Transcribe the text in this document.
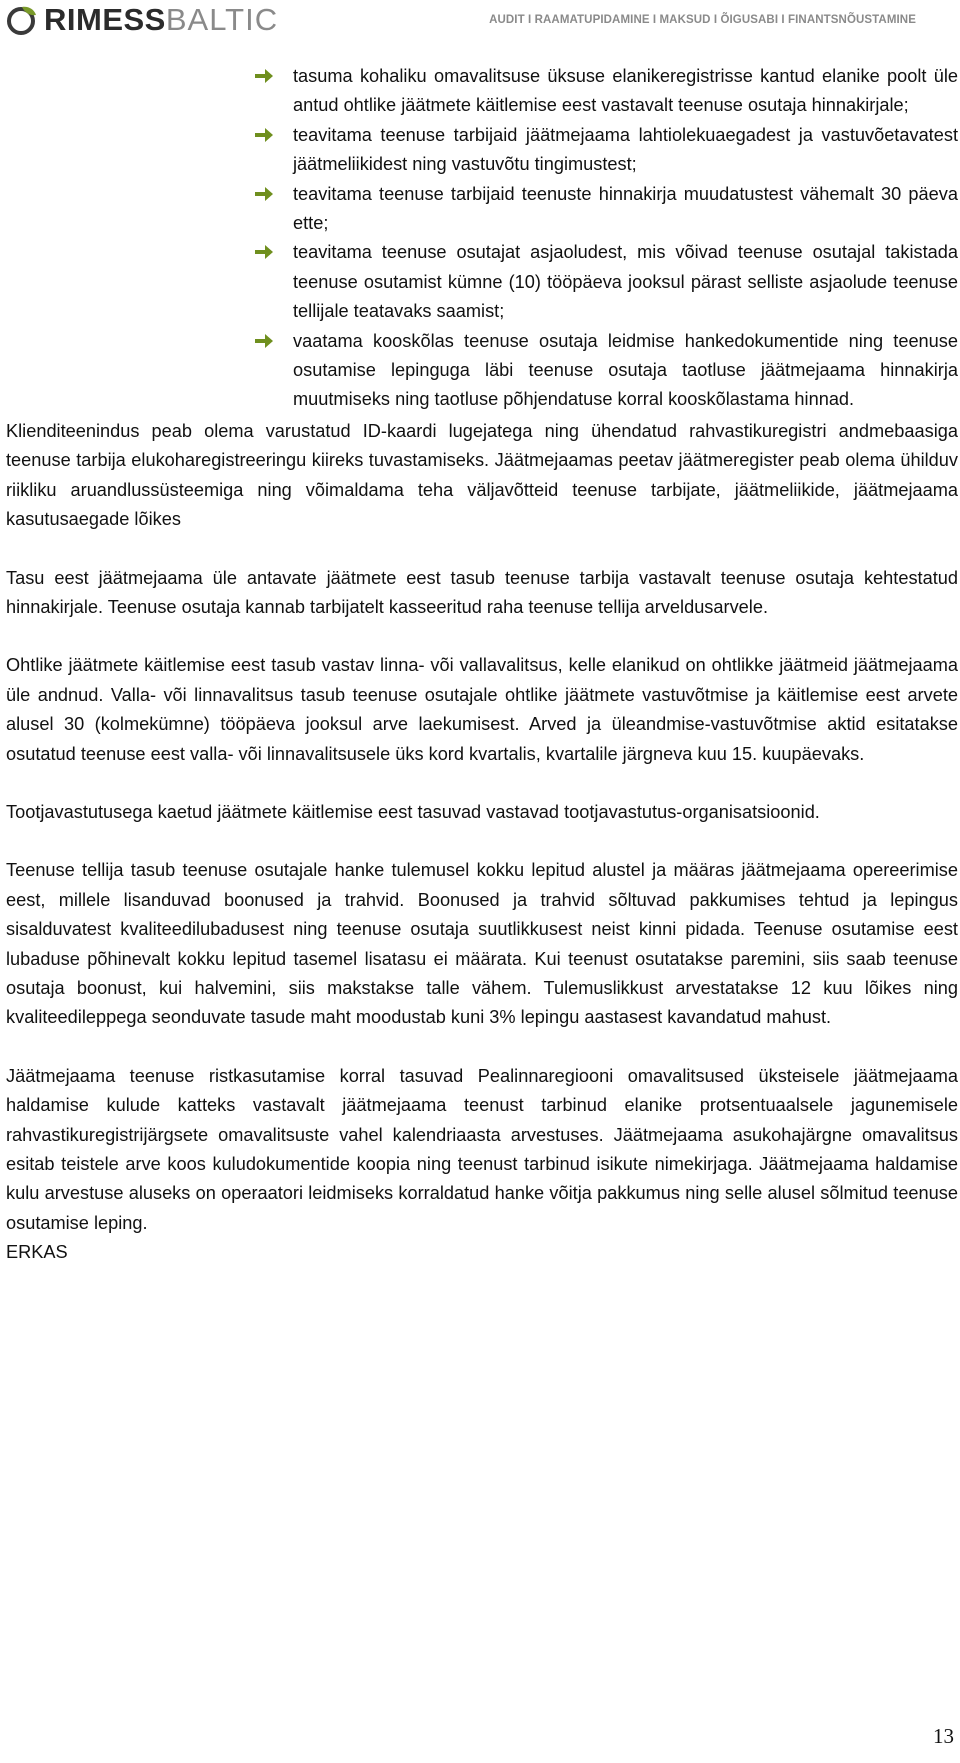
RIMESS BALTIC	AUDIT I RAAMATUPIDAMINE I MAKSUD I ÕIGUSABI I FINANTSNÕUSTAMINE
tasuma kohaliku omavalitsuse üksuse elanikeregistrisse kantud elanike poolt üle antud ohtlike jäätmete käitlemise eest vastavalt teenuse osutaja hinnakirjale;
teavitama teenuse tarbijaid jäätmejaama lahtiolekuaegadest ja vastuvõetavatest jäätmeliikidest ning vastuvõtu tingimustest;
teavitama teenuse tarbijaid teenuste hinnakirja muudatustest vähemalt 30 päeva ette;
teavitama teenuse osutajat asjaoludest, mis võivad teenuse osutajal takistada teenuse osutamist kümne (10) tööpäeva jooksul pärast selliste asjaolude teenuse tellijale teatavaks saamist;
vaatama kooskõlas teenuse osutaja leidmise hankedokumentide ning teenuse osutamise lepinguga läbi teenuse osutaja taotluse jäätmejaama hinnakirja muutmiseks ning taotluse põhjendatuse korral kooskõlastama hinnad.

Klienditeenindus peab olema varustatud ID-kaardi lugejatega ning ühendatud rahvastikuregistri andmebaasiga teenuse tarbija elukoharegistreeringu kiireks tuvastamiseks. Jäätmejaamas peetav jäätmeregister peab olema ühilduv riikliku aruandlussüsteemiga ning võimaldama teha väljavõtteid teenuse tarbijate, jäätmeliikide, jäätmejaama kasutusaegade lõikes

Tasu eest jäätmejaama üle antavate jäätmete eest tasub teenuse tarbija vastavalt teenuse osutaja kehtestatud hinnakirjale. Teenuse osutaja kannab tarbijatelt kasseeritud raha teenuse tellija arveldusarvele.

Ohtlike jäätmete käitlemise eest tasub vastav linna- või vallavalitsus, kelle elanikud on ohtlikke jäätmeid jäätmejaama üle andnud. Valla- või linnavalitsus tasub teenuse osutajale ohtlike jäätmete vastuvõtmise ja käitlemise eest arvete alusel 30 (kolmekümne) tööpäeva jooksul arve laekumisest. Arved ja üleandmise-vastuvõtmise aktid esitatakse osutatud teenuse eest valla- või linnavalitsusele üks kord kvartalis, kvartalile järgneva kuu 15. kuupäevaks.

Tootjavastutusega kaetud jäätmete käitlemise eest tasuvad vastavad tootjavastutus-organisatsioonid.

Teenuse tellija tasub teenuse osutajale hanke tulemusel kokku lepitud alustel ja määras jäätmejaama opereerimise eest, millele lisanduvad boonused ja trahvid. Boonused ja trahvid sõltuvad pakkumises tehtud ja lepingus sisalduvatest kvaliteedilubadusest ning teenuse osutaja suutlikkusest neist kinni pidada. Teenuse osutamise eest lubaduse põhinevalt kokku lepitud tasemel lisatasu ei määrata. Kui teenust osutatakse paremini, siis saab teenuse osutaja boonust, kui halvemini, siis makstakse talle vähem. Tulemuslikkust arvestatakse 12 kuu lõikes ning kvaliteedileppega seonduvate tasude maht moodustab kuni 3% lepingu aastasest kavandatud mahust.

Jäätmejaama teenuse ristkasutamise korral tasuvad Pealinnaregiooni omavalitsused üksteisele jäätmejaama haldamise kulude katteks vastavalt jäätmejaama teenust tarbinud elanike protsentuaalsele jagunemisele rahvastikuregistrijärgsete omavalitsuste vahel kalendriaasta arvestuses. Jäätmejaama asukohajärgne omavalitsus esitab teistele arve koos kuludokumentide koopia ning teenust tarbinud isikute nimekirjaga. Jäätmejaama haldamise kulu arvestuse aluseks on operaatori leidmiseks korraldatud hanke võitja pakkumus ning selle alusel sõlmitud teenuse osutamise leping.

ERKAS

13
